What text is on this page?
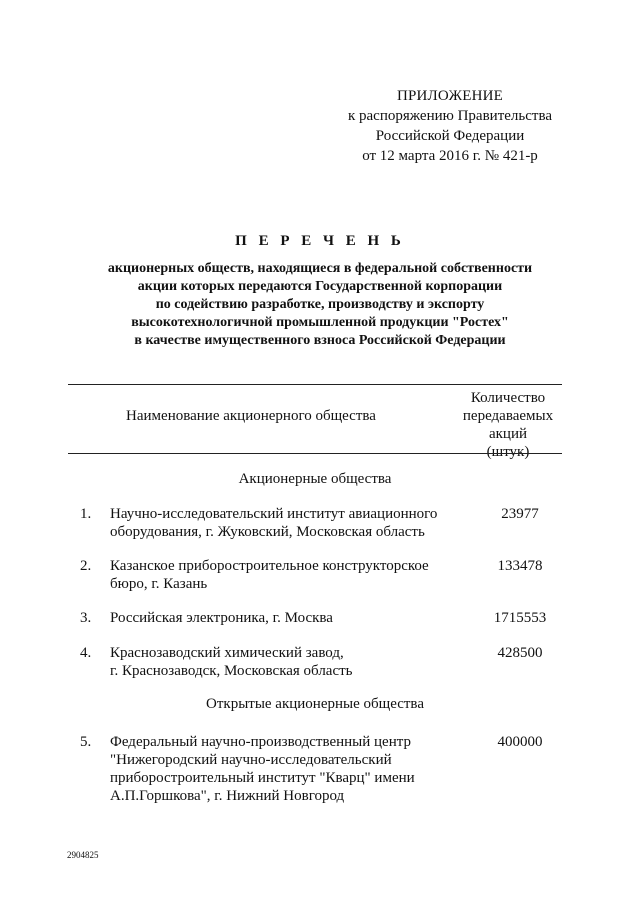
ПРИЛОЖЕНИЕ
к распоряжению Правительства
Российской Федерации
от 12 марта 2016 г. № 421-р
П Е Р Е Ч Е Н Ь
акционерных обществ, находящиеся в федеральной собственности
акции которых передаются Государственной корпорации
по содействию разработке, производству и экспорту
высокотехнологичной промышленной продукции "Ростех"
в качестве имущественного взноса Российской Федерации
Наименование акционерного общества
Количество
передаваемых
акций
(штук)
Акционерные общества
1. Научно-исследовательский институт авиационного
оборудования, г. Жуковский, Московская область
23977
2. Казанское приборостроительное конструкторское
бюро, г. Казань
133478
3. Российская электроника, г. Москва	1715553
4. Краснозаводский химический завод,
г. Краснозаводск, Московская область
428500
Открытые акционерные общества
5. Федеральный научно-производственный центр
"Нижегородский научно-исследовательский
приборостроительный институт "Кварц" имени
А.П.Горшкова", г. Нижний Новгород
400000
2904825
